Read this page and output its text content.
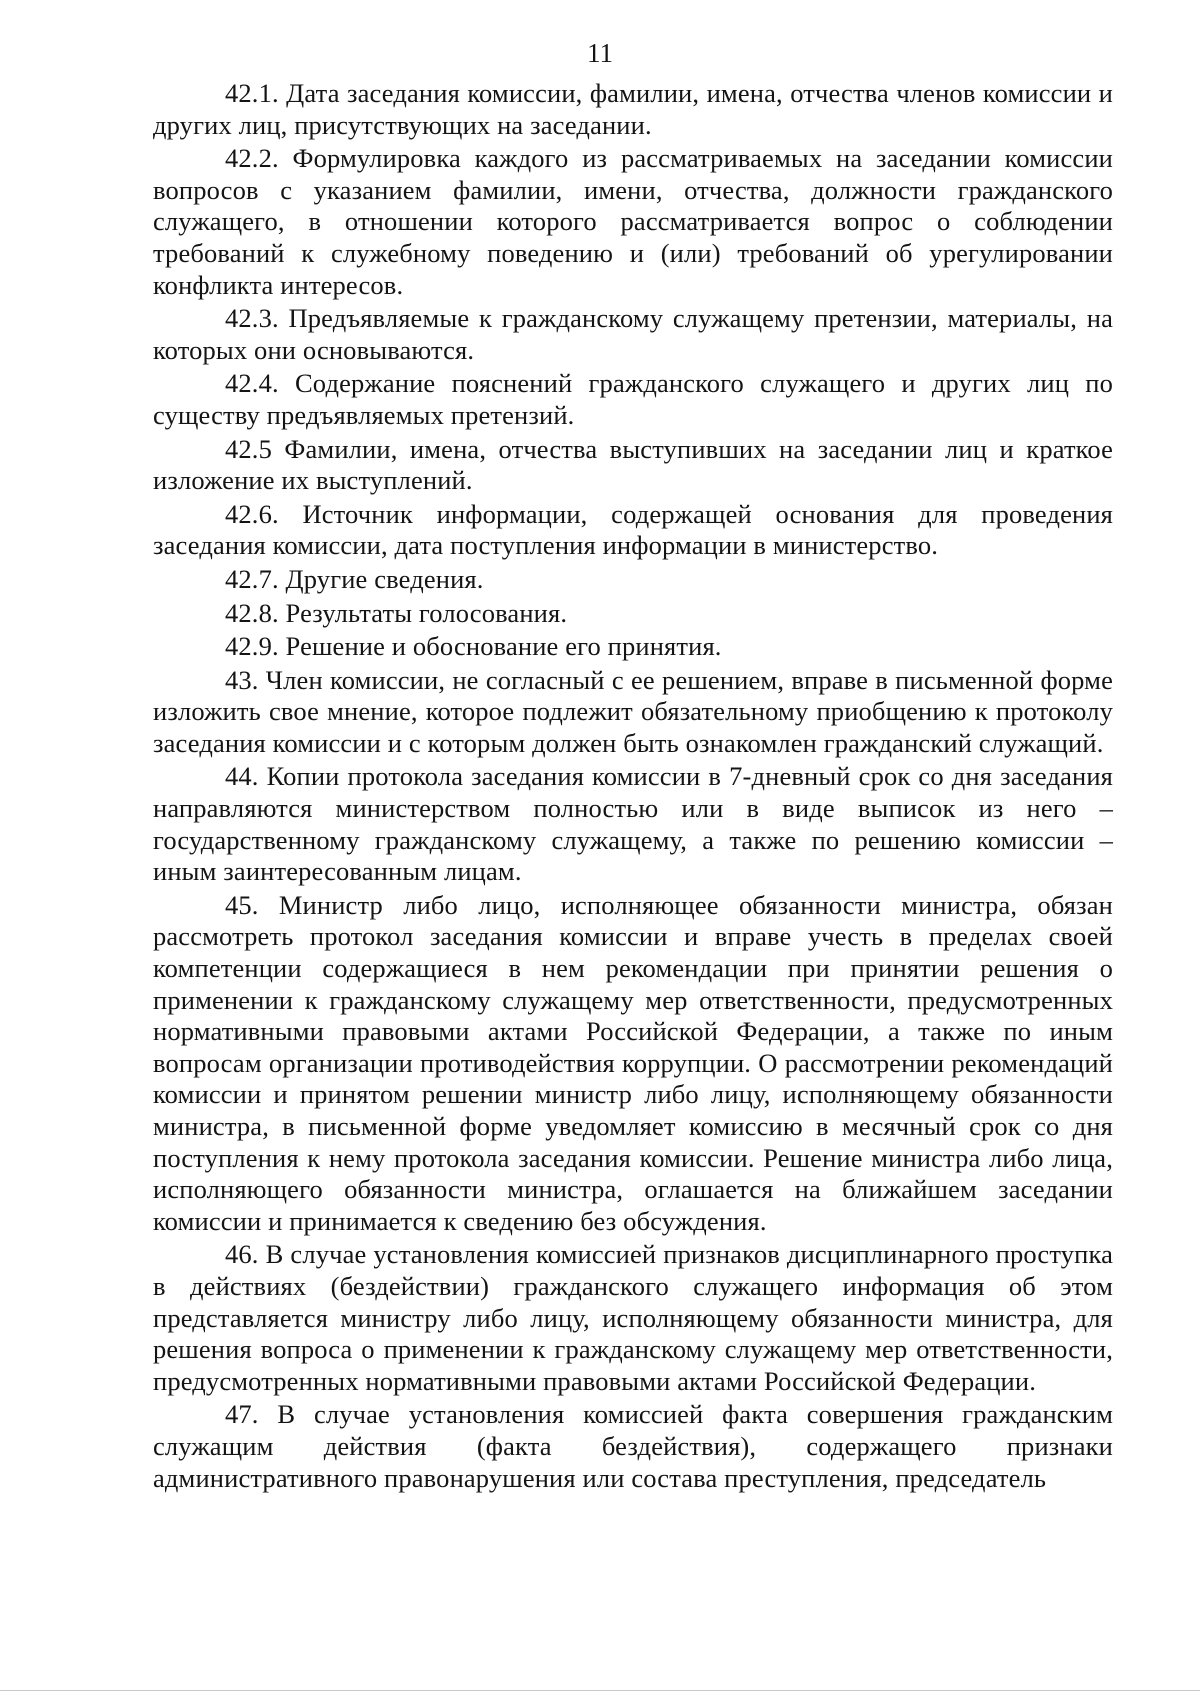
11

42.1. Дата заседания комиссии, фамилии, имена, отчества членов комиссии и других лиц, присутствующих на заседании.

42.2. Формулировка каждого из рассматриваемых на заседании комиссии вопросов с указанием фамилии, имени, отчества, должности гражданского служащего, в отношении которого рассматривается вопрос о соблюдении требований к служебному поведению и (или) требований об урегулировании конфликта интересов.

42.3. Предъявляемые к гражданскому служащему претензии, материалы, на которых они основываются.

42.4. Содержание пояснений гражданского служащего и других лиц по существу предъявляемых претензий.

42.5 Фамилии, имена, отчества выступивших на заседании лиц и краткое изложение их выступлений.

42.6. Источник информации, содержащей основания для проведения заседания комиссии, дата поступления информации в министерство.

42.7. Другие сведения.

42.8. Результаты голосования.

42.9. Решение и обоснование его принятия.

43. Член комиссии, не согласный с ее решением, вправе в письменной форме изложить свое мнение, которое подлежит обязательному приобщению к протоколу заседания комиссии и с которым должен быть ознакомлен гражданский служащий.

44. Копии протокола заседания комиссии в 7-дневный срок со дня заседания направляются министерством полностью или в виде выписок из него – государственному гражданскому служащему, а также по решению комиссии – иным заинтересованным лицам.

45. Министр либо лицо, исполняющее обязанности министра, обязан рассмотреть протокол заседания комиссии и вправе учесть в пределах своей компетенции содержащиеся в нем рекомендации при принятии решения о применении к гражданскому служащему мер ответственности, предусмотренных нормативными правовыми актами Российской Федерации, а также по иным вопросам организации противодействия коррупции. О рассмотрении рекомендаций комиссии и принятом решении министр либо лицу, исполняющему обязанности министра, в письменной форме уведомляет комиссию в месячный срок со дня поступления к нему протокола заседания комиссии. Решение министра либо лица, исполняющего обязанности министра, оглашается на ближайшем заседании комиссии и принимается к сведению без обсуждения.

46. В случае установления комиссией признаков дисциплинарного проступка в действиях (бездействии) гражданского служащего информация об этом представляется министру либо лицу, исполняющему обязанности министра, для решения вопроса о применении к гражданскому служащему мер ответственности, предусмотренных нормативными правовыми актами Российской Федерации.

47. В случае установления комиссией факта совершения гражданским служащим действия (факта бездействия), содержащего признаки административного правонарушения или состава преступления, председатель
